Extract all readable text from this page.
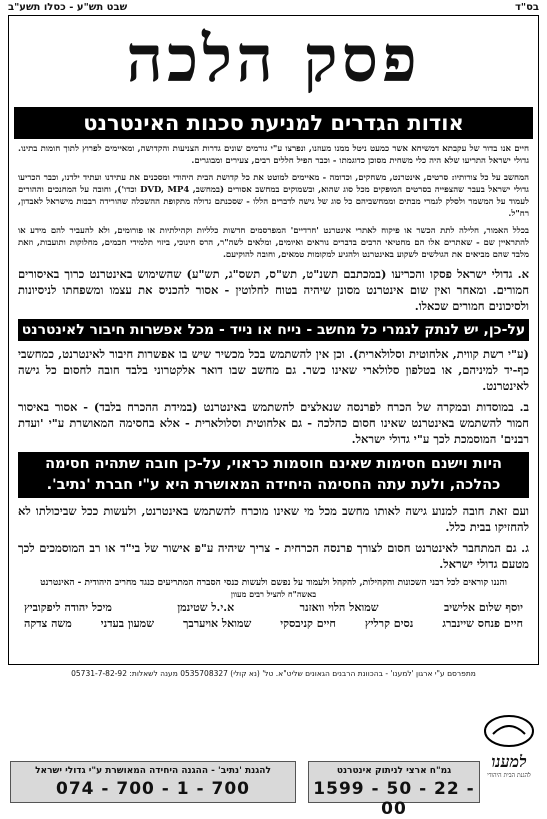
בס"ד
שבט תש"ע - כסלו תשע"ב
פסק הלכה
אודות הגדרים למניעת סכנות האינטרנט

חיים אנו בדור של עקבתא דמשיחא אשר כמעט ניטל ממנו מעוזנו, ונפרצו ע"י גורמים שונים גדרות הצניעות והקדושה, ומאיימים לפרוץ לתוך חומות בתינו. גדולי ישראל התריעו שלא היה כלי משחית מסוכן כדוגמתו - וכבר הפיל חללים רבים, צעירים ומבוגרים.

המחשב על כל צורותיו: סרטים, אינטרנט, משחקים, וכדומה - מאיימים למוטט את כל קדושת הבית היהודי ומסכנים את עתידנו ועתיד ילדנו, וכבר הכריעו גדולי ישראל בעבר שהצפייה בסרטים המופקים מכל סוג שהוא, ובשמוקים במחשב אסורים (במחשב, DVD, MP4 וכדו'), וחובה על המחנכים וההורים לעמוד על המשמר ולסלק לגמרי מבתים וממחשביהם כל סוג של גישה לדברים הללו - שסכנתם גדולה מתקופת ההשכלה שהורידה רבבות מישראל לאבדון, רח"ל.

בכלל האמור, חלילה לתת הכשר או פיקוח לאתרי אינטרנט 'חרדיים' המפרסמים חדשות כלליות וקהילתיות או פורומים, ולא להעביר להם מידע או להתראיין שם - שאתרים אלו הם מחטיאי הרבים בדברים נוראים ואיומים, ומלאים לשה"ר, הרס חינוכי, ביזוי תלמידי חכמים, מחלוקות ותועבות, וזאת מלבד שהם מביאים את הגולשים לשקוע באינטרנט ולהגיע למקומות טמאים, וחובה להוקיעם.

א. גדולי ישראל פסקו והכריעו (במכתבם תשנ"ט, תש"ס, תשס"ג, תש"ע) שהשימוש באינטרנט כרוך באיסורים חמורים. ומאחר ואין שום אינטרנט מסונן שיהיה בטוח לחלוטין - אסור להכניס את עצמו ומשפחתו לניסיונות ולסיכונים חמורים שכאלו.

על-כן, יש לנתק לגמרי כל מחשב - נייח או נייד - מכל אפשרות חיבור לאינטרנט

(ע"י רשת קווית, אלחוטית וסלולארית). וכן אין להשתמש בכל מכשיר שיש בו אפשרות חיבור לאינטרנט, כמחשבי כף-יד למיניהם, או בטלפון סלולארי שאינו כשר. גם מחשב שבו דואר אלקטרוני בלבד חובה לחסום כל גישה לאינטרנט.

ב. במוסדות ובמקרה של הכרח לפרנסה שנאלצים להשתמש באינטרנט (במידת ההכרח בלבד) - אסור באיסור חמור להשתמש באינטרנט שאינו חסום כהלכה - גם אלחוטית וסלולארית - אלא בחסימה המאושרת ע"י 'ועדת רבנים' המוסמכת לכך ע"י גדולי ישראל.

היות וישנם חסימות שאינם חוסמות כראוי, על-כן חובה שתהיה חסימה כהלכה, ולעת עתה החסימה היחידה המאושרת היא ע"י חברת 'נתיב'.

ועם זאת חובה למנוע גישה לאותו מחשב מכל מי שאינו מוכרח להשתמש באינטרנט, ולעשות ככל שביכולתו לא להחזיקו בבית כלל.

ג. גם המתחבר לאינטרנט חסום לצורך פרנסה הכרחית - צריך שיהיה ע"פ אישור של בי"ד או רב המוסמכים לכך מטעם גדולי ישראל.

והננו קוראים לכל רבני השכונות והקהילות, להקהל ולעמוד על נפשם ולעשות כנסי הסברה המתריעים כנגד מחריב היהודית - האינטרנט
באשה"ח להציל רבים מעוון
יוסף שלום אלישיב
שמואל הלוי וואזנר
א.י.ל שטינמן
מיכל יהודה ליפקוביץ
חיים פנחס שיינברג
נסים קרליץ
חיים קניבסקי
שמואל אויערבך
שמעון בעדני
משה צדקה
מתפרסם ע"י ארגון 'למענו' - בהכוונת הרבנים הגאונים שליט"א. טל' (נא קולי) 0535708327 מענה לשאלות: 05731-7-82-92
למענו
להגנת הבית היהודי
להגנת 'נתיב' - ההגנה היחידה המאושרת ע"י גדולי ישראל
074 - 700 - 1 - 700
גמ"ח ארצי לניתוק אינטרנט
1599 - 50 - 22 - 00
